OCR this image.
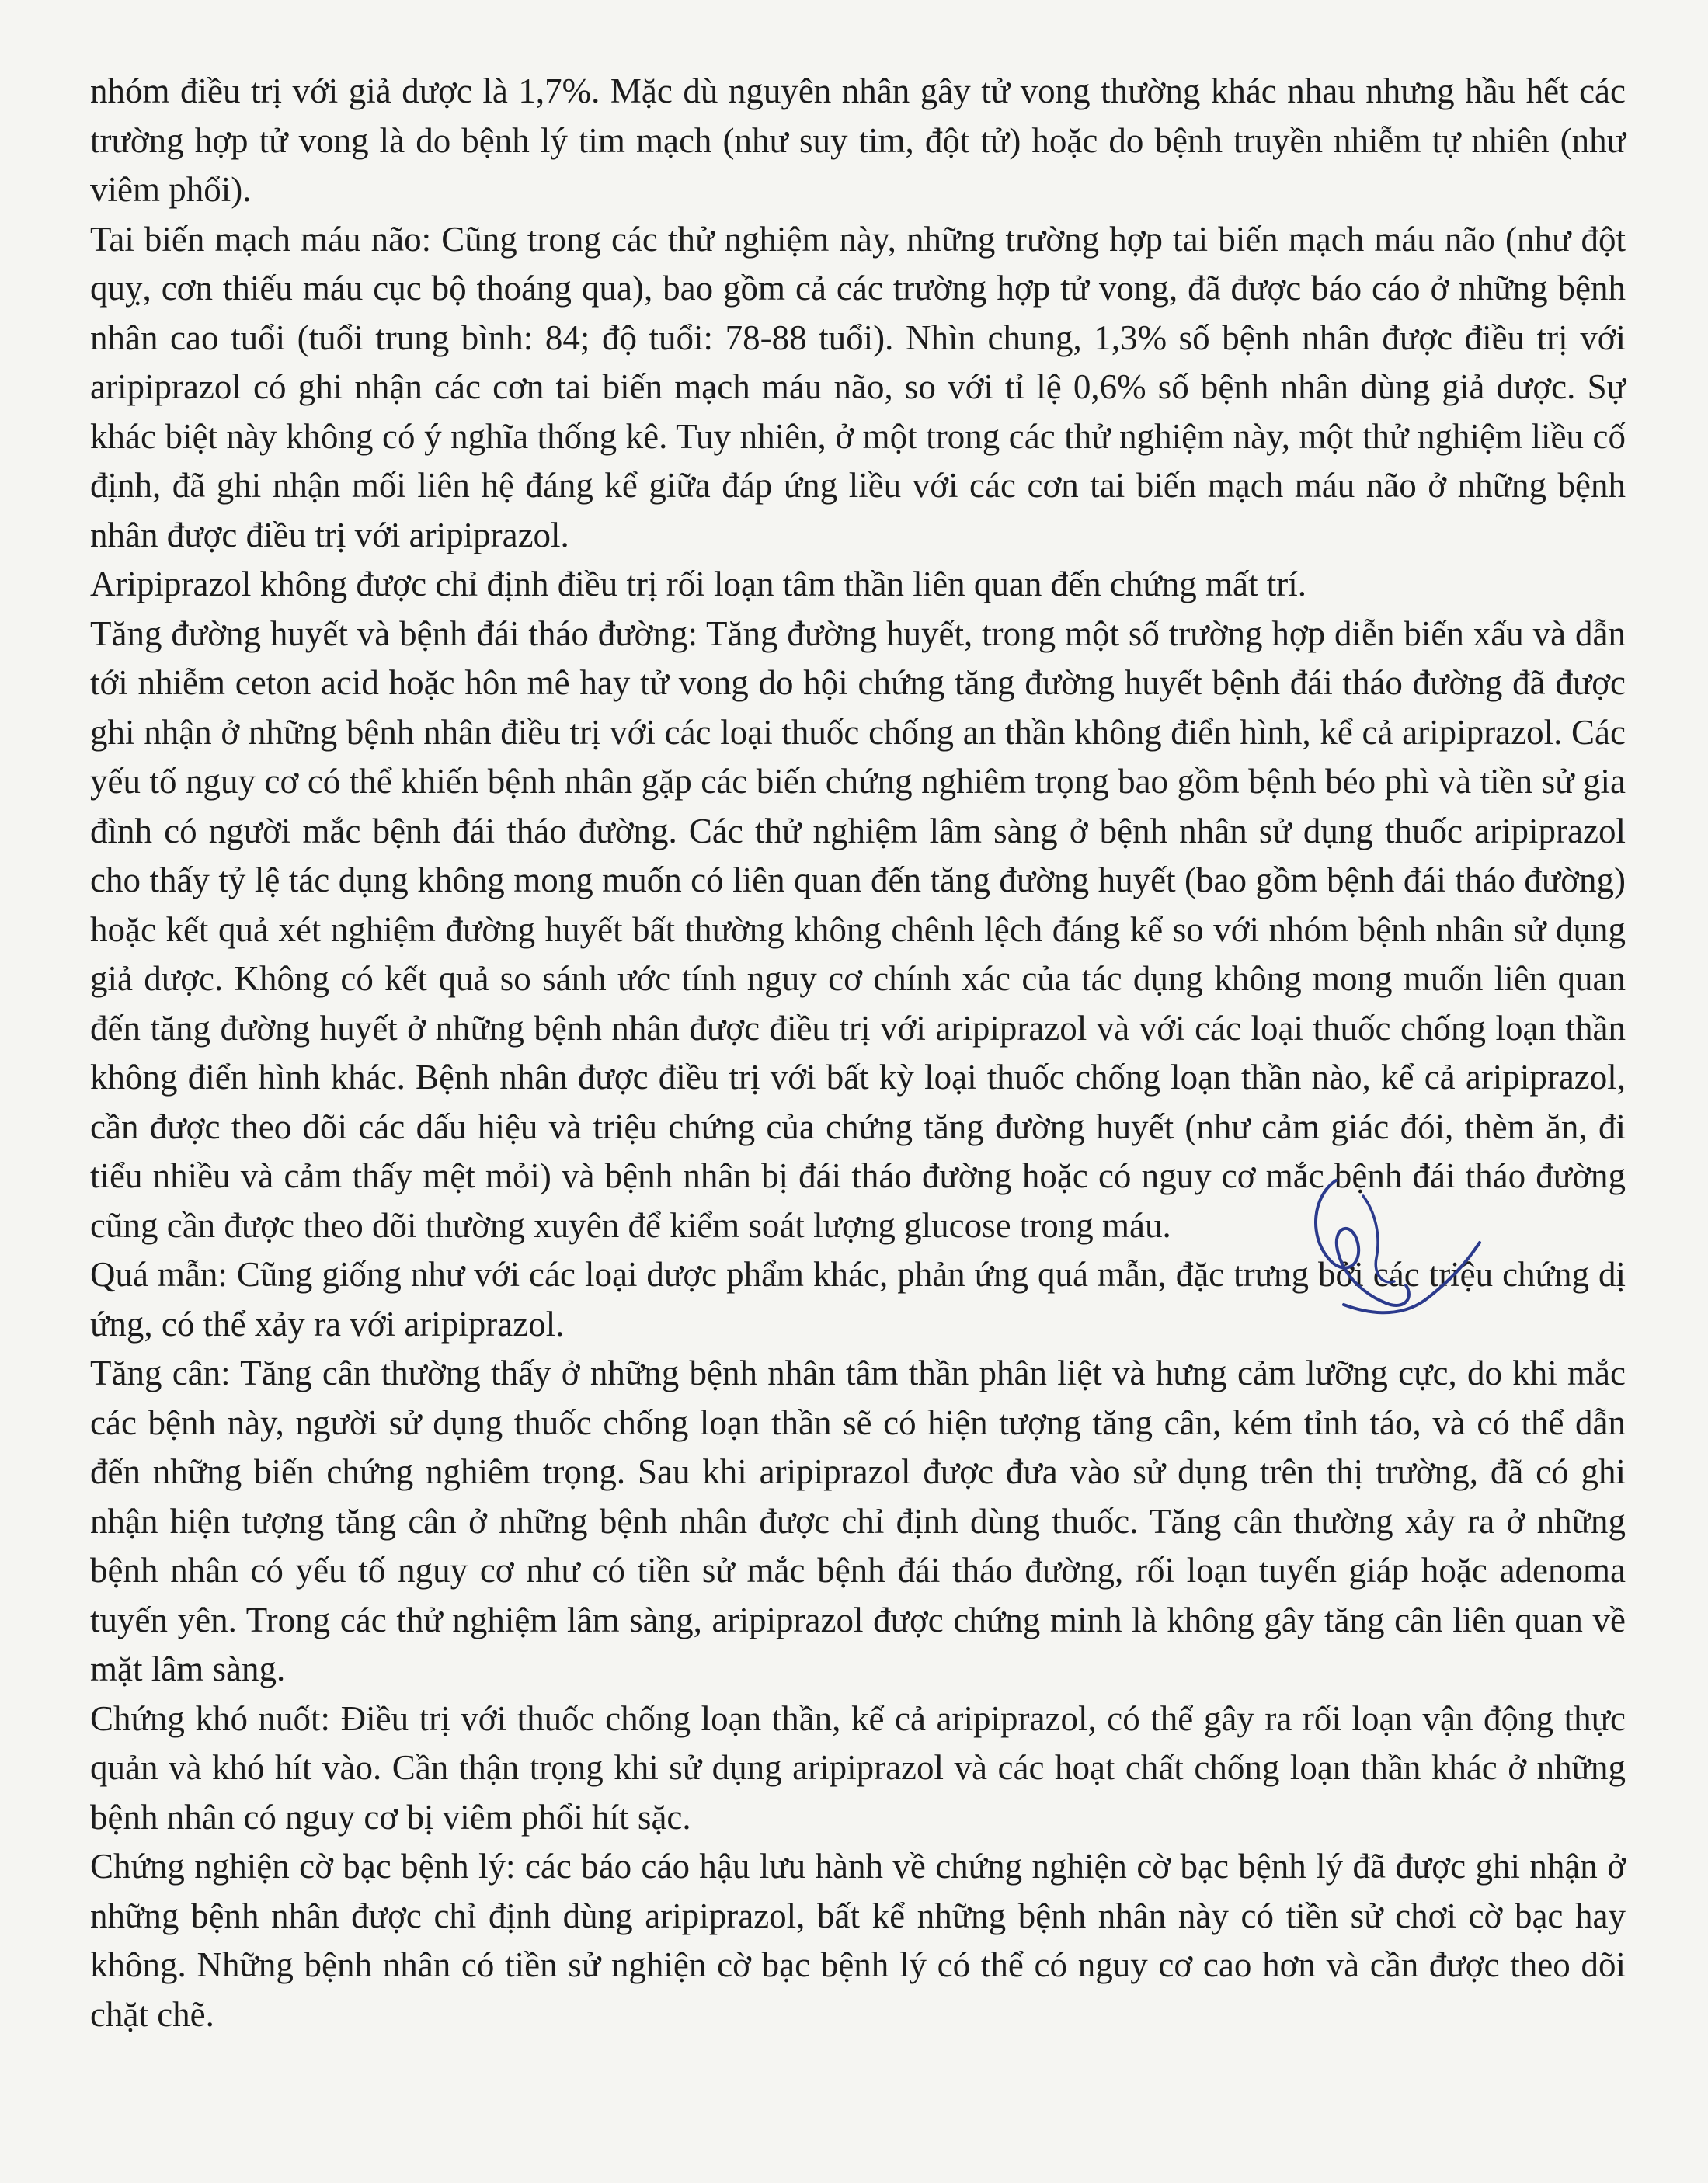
nhóm điều trị với giả dược là 1,7%. Mặc dù nguyên nhân gây tử vong thường khác nhau nhưng hầu hết các trường hợp tử vong là do bệnh lý tim mạch (như suy tim, đột tử) hoặc do bệnh truyền nhiễm tự nhiên (như viêm phổi).

Tai biến mạch máu não: Cũng trong các thử nghiệm này, những trường hợp tai biến mạch máu não (như đột quỵ, cơn thiếu máu cục bộ thoáng qua), bao gồm cả các trường hợp tử vong, đã được báo cáo ở những bệnh nhân cao tuổi (tuổi trung bình: 84; độ tuổi: 78-88 tuổi). Nhìn chung, 1,3% số bệnh nhân được điều trị với aripiprazol có ghi nhận các cơn tai biến mạch máu não, so với tỉ lệ 0,6% số bệnh nhân dùng giả dược. Sự khác biệt này không có ý nghĩa thống kê. Tuy nhiên, ở một trong các thử nghiệm này, một thử nghiệm liều cố định, đã ghi nhận mối liên hệ đáng kể giữa đáp ứng liều với các cơn tai biến mạch máu não ở những bệnh nhân được điều trị với aripiprazol.

Aripiprazol không được chỉ định điều trị rối loạn tâm thần liên quan đến chứng mất trí.

Tăng đường huyết và bệnh đái tháo đường: Tăng đường huyết, trong một số trường hợp diễn biến xấu và dẫn tới nhiễm ceton acid hoặc hôn mê hay tử vong do hội chứng tăng đường huyết bệnh đái tháo đường đã được ghi nhận ở những bệnh nhân điều trị với các loại thuốc chống an thần không điển hình, kể cả aripiprazol. Các yếu tố nguy cơ có thể khiến bệnh nhân gặp các biến chứng nghiêm trọng bao gồm bệnh béo phì và tiền sử gia đình có người mắc bệnh đái tháo đường. Các thử nghiệm lâm sàng ở bệnh nhân sử dụng thuốc aripiprazol cho thấy tỷ lệ tác dụng không mong muốn có liên quan đến tăng đường huyết (bao gồm bệnh đái tháo đường) hoặc kết quả xét nghiệm đường huyết bất thường không chênh lệch đáng kể so với nhóm bệnh nhân sử dụng giả dược. Không có kết quả so sánh ước tính nguy cơ chính xác của tác dụng không mong muốn liên quan đến tăng đường huyết ở những bệnh nhân được điều trị với aripiprazol và với các loại thuốc chống loạn thần không điển hình khác. Bệnh nhân được điều trị với bất kỳ loại thuốc chống loạn thần nào, kể cả aripiprazol, cần được theo dõi các dấu hiệu và triệu chứng của chứng tăng đường huyết (như cảm giác đói, thèm ăn, đi tiểu nhiều và cảm thấy mệt mỏi) và bệnh nhân bị đái tháo đường hoặc có nguy cơ mắc bệnh đái tháo đường cũng cần được theo dõi thường xuyên để kiểm soát lượng glucose trong máu.

Quá mẫn: Cũng giống như với các loại dược phẩm khác, phản ứng quá mẫn, đặc trưng bởi các triệu chứng dị ứng, có thể xảy ra với aripiprazol.

Tăng cân: Tăng cân thường thấy ở những bệnh nhân tâm thần phân liệt và hưng cảm lưỡng cực, do khi mắc các bệnh này, người sử dụng thuốc chống loạn thần sẽ có hiện tượng tăng cân, kém tỉnh táo, và có thể dẫn đến những biến chứng nghiêm trọng. Sau khi aripiprazol được đưa vào sử dụng trên thị trường, đã có ghi nhận hiện tượng tăng cân ở những bệnh nhân được chỉ định dùng thuốc. Tăng cân thường xảy ra ở những bệnh nhân có yếu tố nguy cơ như có tiền sử mắc bệnh đái tháo đường, rối loạn tuyến giáp hoặc adenoma tuyến yên. Trong các thử nghiệm lâm sàng, aripiprazol được chứng minh là không gây tăng cân liên quan về mặt lâm sàng.

Chứng khó nuốt: Điều trị với thuốc chống loạn thần, kể cả aripiprazol, có thể gây ra rối loạn vận động thực quản và khó hít vào. Cần thận trọng khi sử dụng aripiprazol và các hoạt chất chống loạn thần khác ở những bệnh nhân có nguy cơ bị viêm phổi hít sặc.

Chứng nghiện cờ bạc bệnh lý: các báo cáo hậu lưu hành về chứng nghiện cờ bạc bệnh lý đã được ghi nhận ở những bệnh nhân được chỉ định dùng aripiprazol, bất kể những bệnh nhân này có tiền sử chơi cờ bạc hay không. Những bệnh nhân có tiền sử nghiện cờ bạc bệnh lý có thể có nguy cơ cao hơn và cần được theo dõi chặt chẽ.
